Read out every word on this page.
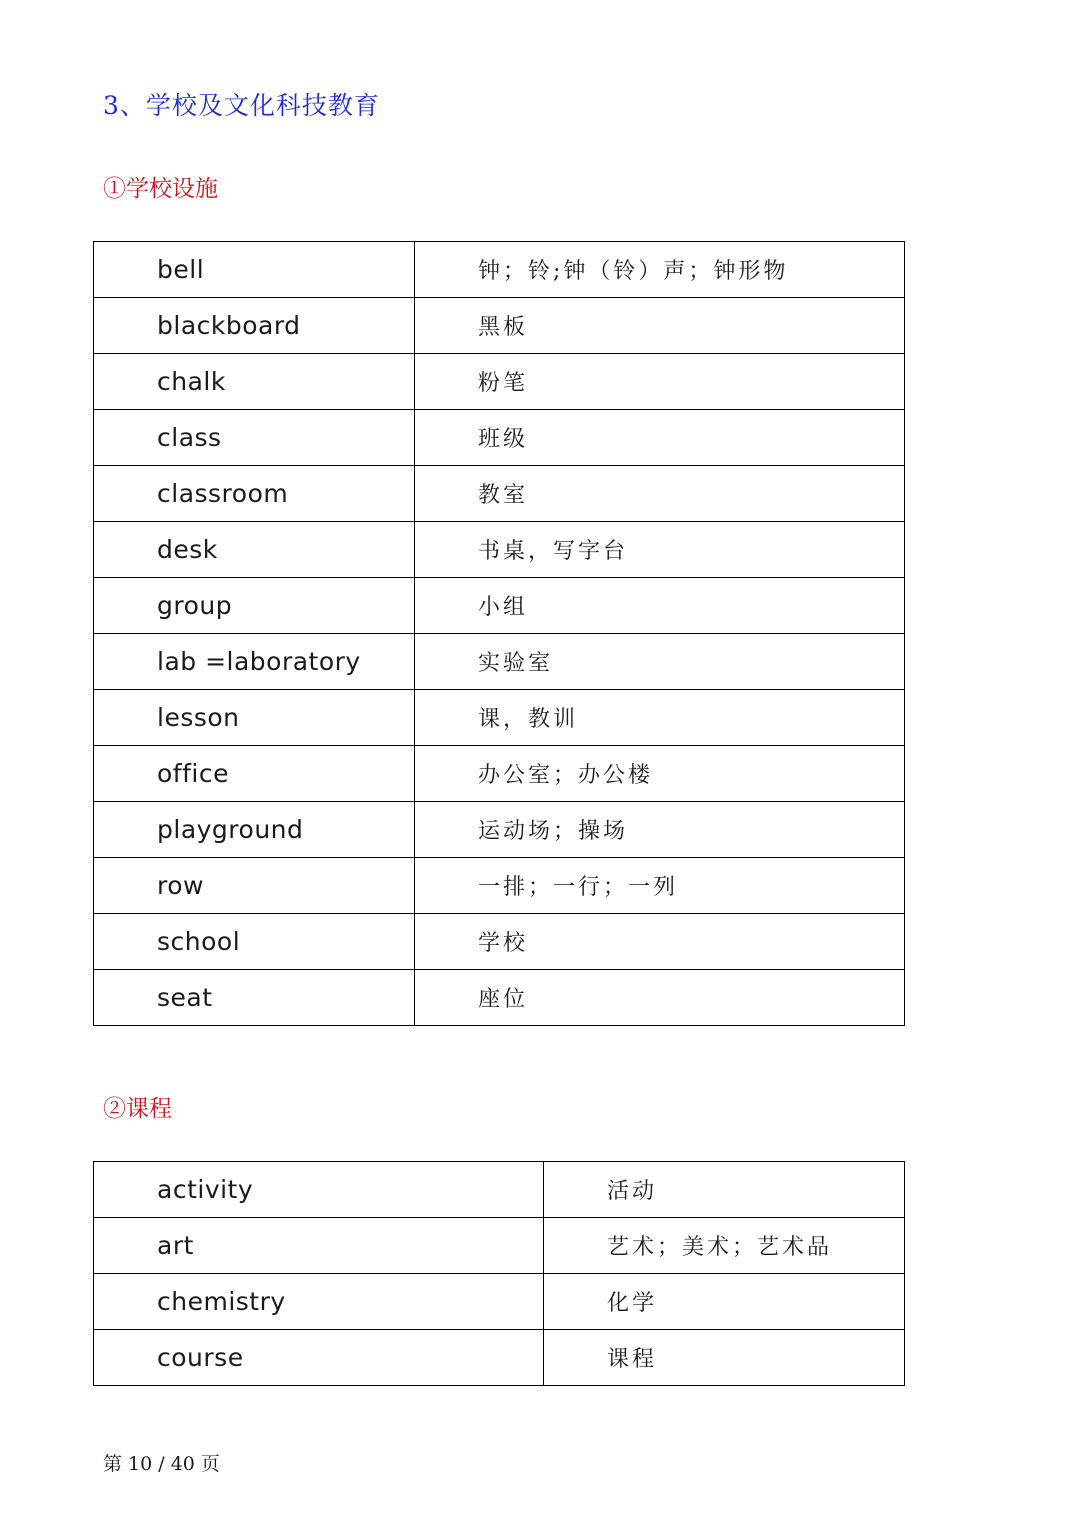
3、学校及文化科技教育
①学校设施
bell	钟；铃;钟（铃）声；钟形物
blackboard	黑板
chalk	粉笔
class	班级
classroom	教室
desk	书桌，写字台
group	小组
lab =laboratory	实验室
lesson	课，教训
office	办公室；办公楼
playground	运动场；操场
row	一排；一行；一列
school	学校
seat	座位
②课程
activity	活动
art	艺术；美术；艺术品
chemistry	化学
course	课程
第 10 / 40 页
